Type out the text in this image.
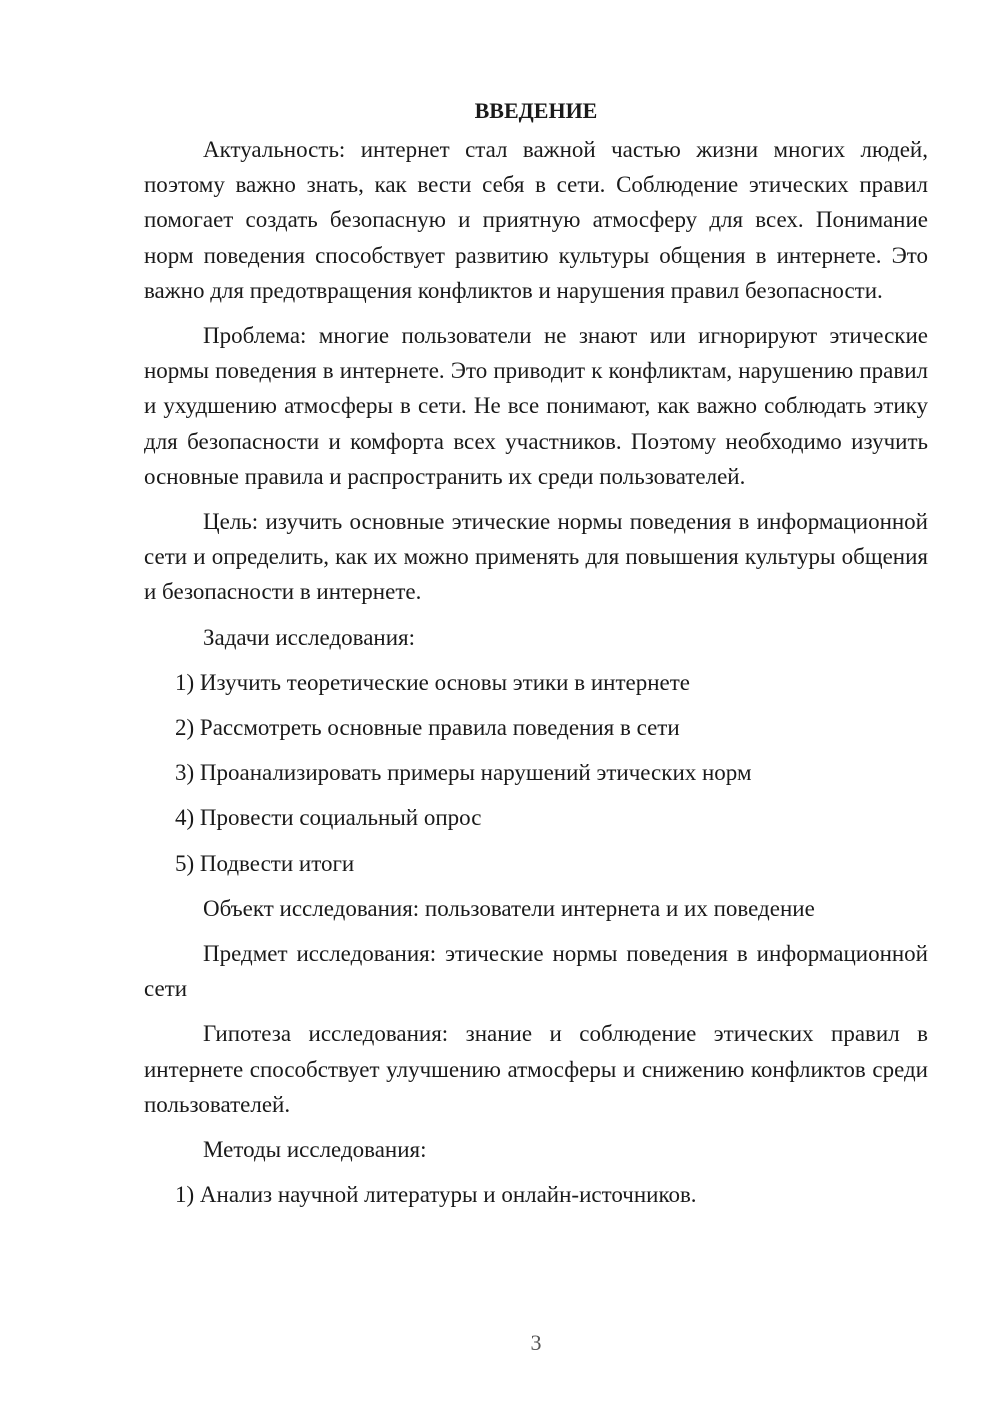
ВВЕДЕНИЕ

Актуальность: интернет стал важной частью жизни многих людей, поэтому важно знать, как вести себя в сети. Соблюдение этических правил помогает создать безопасную и приятную атмосферу для всех. Понимание норм поведения способствует развитию культуры общения в интернете. Это важно для предотвращения конфликтов и нарушения правил безопасности.

Проблема: многие пользователи не знают или игнорируют этические нормы поведения в интернете. Это приводит к конфликтам, нарушению правил и ухудшению атмосферы в сети. Не все понимают, как важно соблюдать этику для безопасности и комфорта всех участников. Поэтому необходимо изучить основные правила и распространить их среди пользователей.

Цель: изучить основные этические нормы поведения в информационной сети и определить, как их можно применять для повышения культуры общения и безопасности в интернете.

Задачи исследования:

1) Изучить теоретические основы этики в интернете
2) Рассмотреть основные правила поведения в сети
3) Проанализировать примеры нарушений этических норм
4) Провести социальный опрос
5) Подвести итоги

Объект исследования: пользователи интернета и их поведение

Предмет исследования: этические нормы поведения в информационной сети

Гипотеза исследования: знание и соблюдение этических правил в интернете способствует улучшению атмосферы и снижению конфликтов среди пользователей.

Методы исследования:

1) Анализ научной литературы и онлайн-источников.
3
